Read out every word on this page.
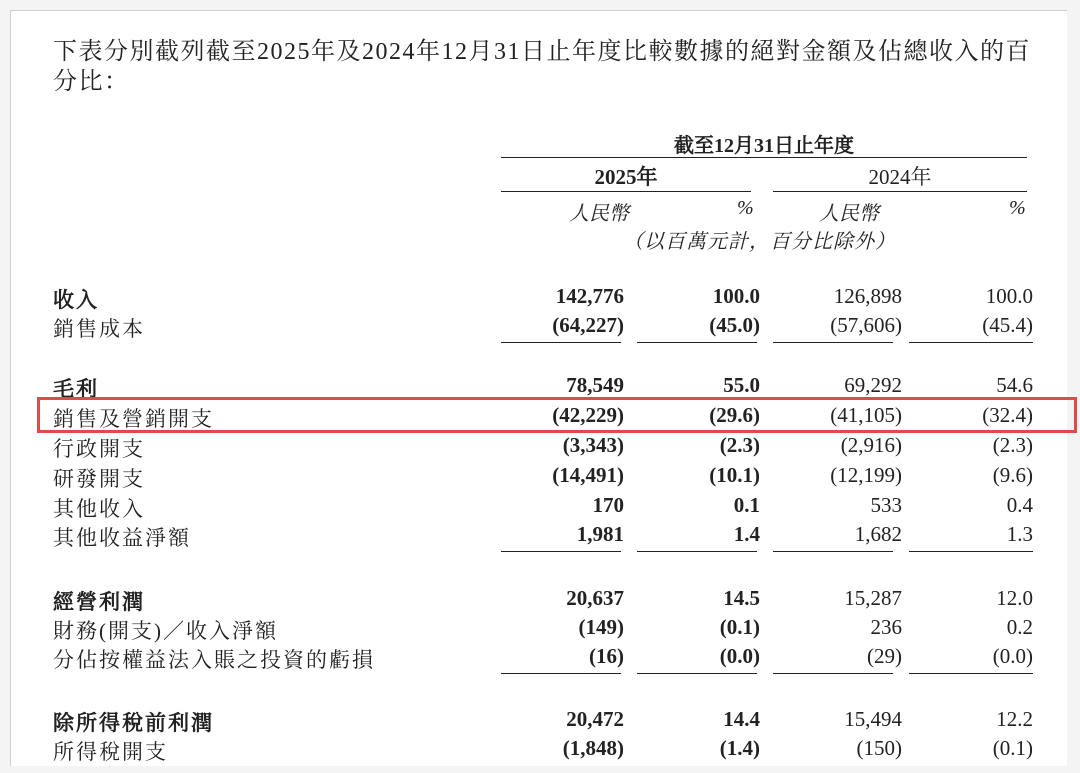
下表分別截列截至2025年及2024年12月31日止年度比較數據的絕對金額及佔總收入的百分比：
截至12月31日止年度
2025年	2024年
人民幣	%	人民幣	%
（以百萬元計，百分比除外）
收入	142,776	100.0	126,898	100.0
銷售成本	(64,227)	(45.0)	(57,606)	(45.4)
毛利	78,549	55.0	69,292	54.6
銷售及營銷開支	(42,229)	(29.6)	(41,105)	(32.4)
行政開支	(3,343)	(2.3)	(2,916)	(2.3)
研發開支	(14,491)	(10.1)	(12,199)	(9.6)
其他收入	170	0.1	533	0.4
其他收益淨額	1,981	1.4	1,682	1.3
經營利潤	20,637	14.5	15,287	12.0
財務(開支)／收入淨額	(149)	(0.1)	236	0.2
分佔按權益法入賬之投資的虧損	(16)	(0.0)	(29)	(0.0)
除所得稅前利潤	20,472	14.4	15,494	12.2
所得稅開支	(1,848)	(1.4)	(150)	(0.1)
